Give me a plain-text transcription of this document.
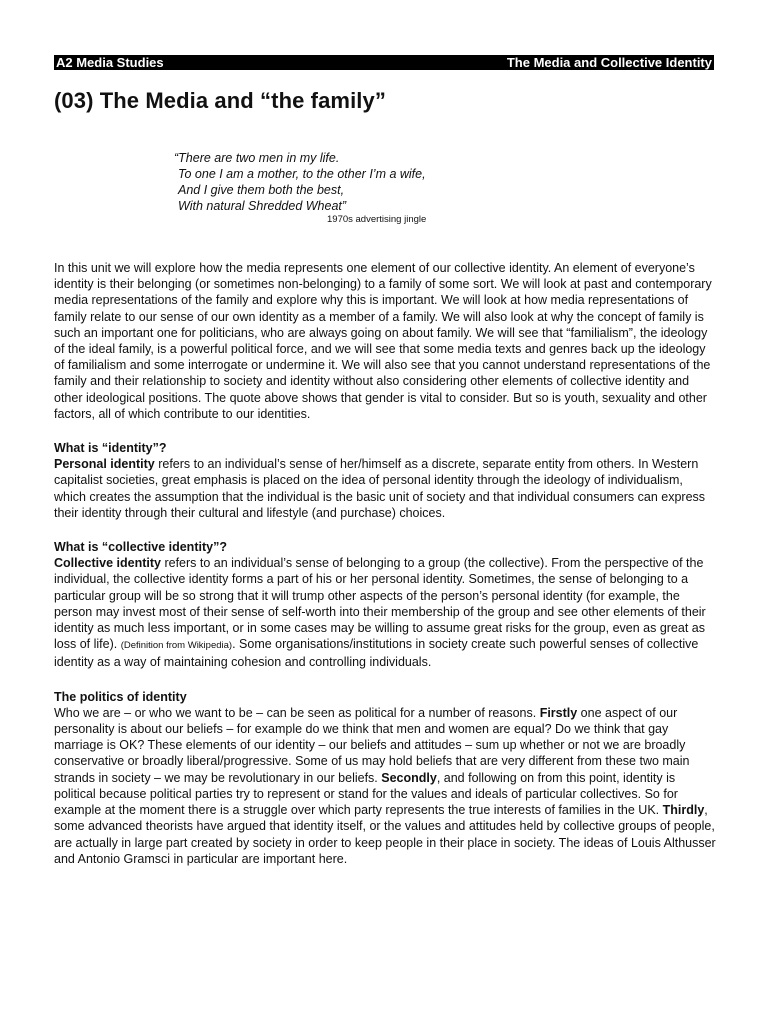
A2 Media Studies	The Media and Collective Identity
(03) The Media and “the family”
“There are two men in my life.
To one I am a mother, to the other I’m a wife,
And I give them both the best,
With natural Shredded Wheat”
1970s advertising jingle

In this unit we will explore how the media represents one element of our collective identity. An element of everyone’s identity is their belonging (or sometimes non-belonging) to a family of some sort. We will look at past and contemporary media representations of the family and explore why this is important. We will look at how media representations of family relate to our sense of our own identity as a member of a family. We will also look at why the concept of family is such an important one for politicians, who are always going on about family. We will see that “familialism”, the ideology of the ideal family, is a powerful political force, and we will see that some media texts and genres back up the ideology of familialism and some interrogate or undermine it. We will also see that you cannot understand representations of the family and their relationship to society and identity without also considering other elements of collective identity and other ideological positions. The quote above shows that gender is vital to consider. But so is youth, sexuality and other factors, all of which contribute to our identities.

What is “identity”?

Personal identity refers to an individual’s sense of her/himself as a discrete, separate entity from others. In Western capitalist societies, great emphasis is placed on the idea of personal identity through the ideology of individualism, which creates the assumption that the individual is the basic unit of society and that individual consumers can express their identity through their cultural and lifestyle (and purchase) choices.

What is “collective identity”?

Collective identity refers to an individual’s sense of belonging to a group (the collective). From the perspective of the individual, the collective identity forms a part of his or her personal identity. Sometimes, the sense of belonging to a particular group will be so strong that it will trump other aspects of the person’s personal identity (for example, the person may invest most of their sense of self-worth into their membership of the group and see other elements of their identity as much less important, or in some cases may be willing to assume great risks for the group, even as great as loss of life). (Definition from Wikipedia). Some organisations/institutions in society create such powerful senses of collective identity as a way of maintaining cohesion and controlling individuals.

The politics of identity

Who we are – or who we want to be – can be seen as political for a number of reasons. Firstly one aspect of our personality is about our beliefs – for example do we think that men and women are equal? Do we think that gay marriage is OK? These elements of our identity – our beliefs and attitudes – sum up whether or not we are broadly conservative or broadly liberal/progressive. Some of us may hold beliefs that are very different from these two main strands in society – we may be revolutionary in our beliefs. Secondly, and following on from this point, identity is political because political parties try to represent or stand for the values and ideals of particular collectives. So for example at the moment there is a struggle over which party represents the true interests of families in the UK. Thirdly, some advanced theorists have argued that identity itself, or the values and attitudes held by collective groups of people, are actually in large part created by society in order to keep people in their place in society. The ideas of Louis Althusser and Antonio Gramsci in particular are important here.
